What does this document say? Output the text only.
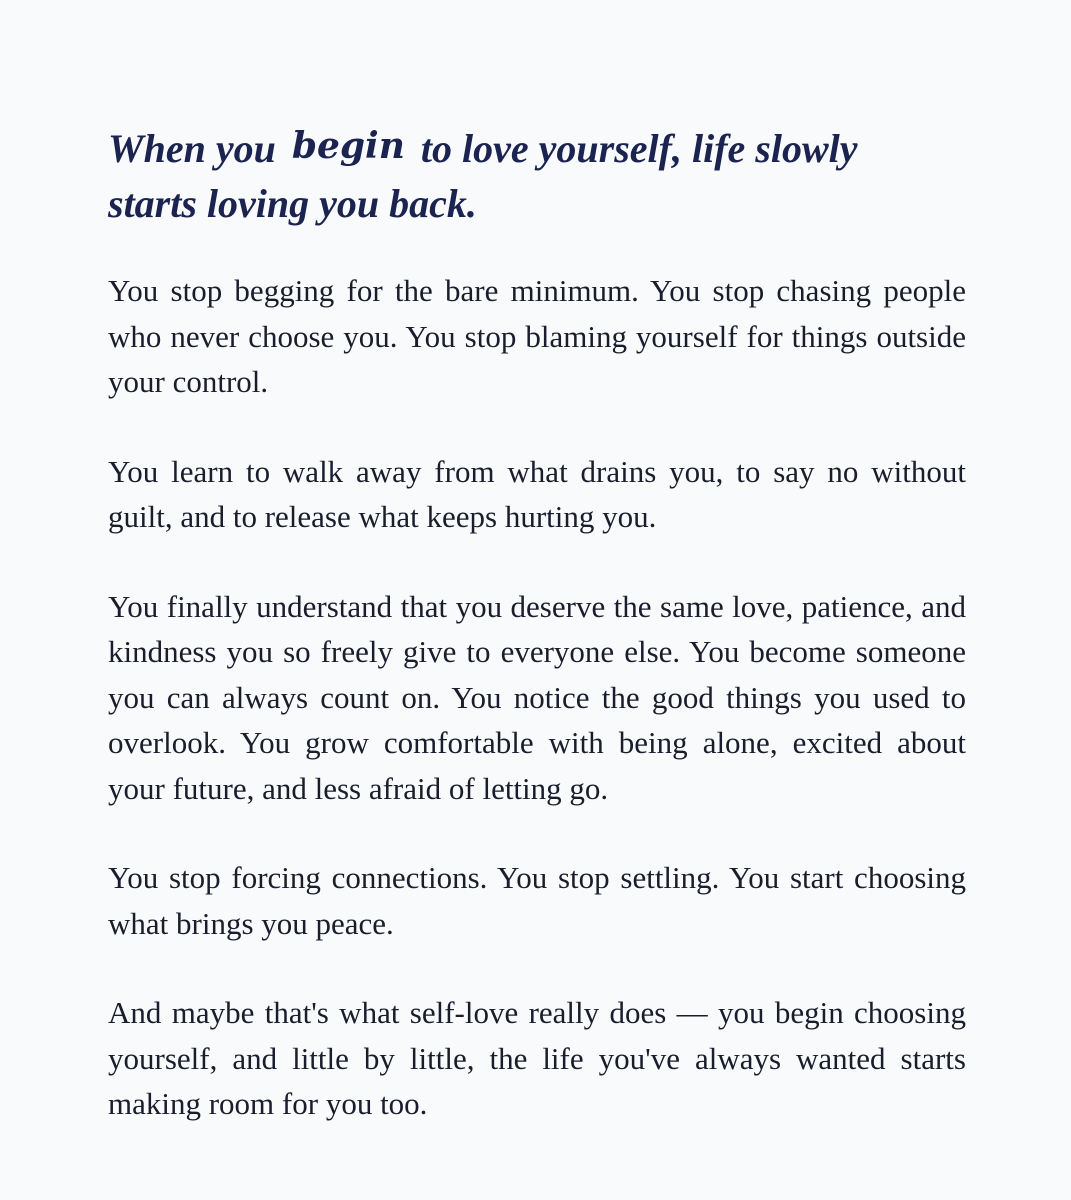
When you begin to love yourself, life slowly
starts loving you back.

You stop begging for the bare minimum. You stop chasing people who never choose you. You stop blaming yourself for things outside your control.

You learn to walk away from what drains you, to say no without guilt, and to release what keeps hurting you.

You finally understand that you deserve the same love, patience, and kindness you so freely give to everyone else. You become someone you can always count on. You notice the good things you used to overlook. You grow comfortable with being alone, excited about your future, and less afraid of letting go.

You stop forcing connections. You stop settling. You start choosing what brings you peace.

And maybe that's what self-love really does — you begin choosing yourself, and little by little, the life you've always wanted starts making room for you too.
